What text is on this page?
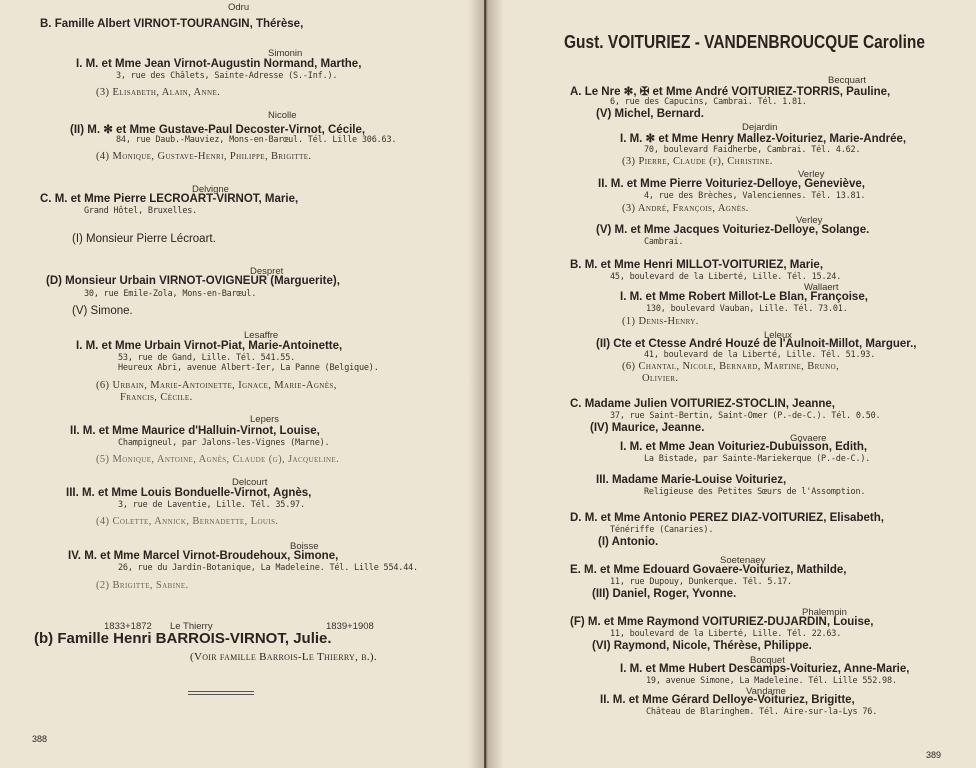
Odru
B. Famille Albert VIRNOT-TOURANGIN, Thérèse,
Simonin
I. M. et Mme Jean Virnot-Augustin Normand, Marthe,
3, rue des Châlets, Sainte-Adresse (S.-Inf.).
(3) Elisabeth, Alain, Anne.
Nicolle
(II) M. ✻ et Mme Gustave-Paul Decoster-Virnot, Cécile,
84, rue Daub.-Mauviez, Mons-en-Barœul. Tél. Lille 306.63.
(4) Monique, Gustave-Henri, Philippe, Brigitte.
Delvigne
C. M. et Mme Pierre LECROART-VIRNOT, Marie,
Grand Hôtel, Bruxelles.
(I) Monsieur Pierre Lécroart.
Despret
(D) Monsieur Urbain VIRNOT-OVIGNEUR (Marguerite),
30, rue Emile-Zola, Mons-en-Barœul.
(V) Simone.
Lesaffre
I. M. et Mme Urbain Virnot-Piat, Marie-Antoinette,
53, rue de Gand, Lille. Tél. 541.55.
Heureux Abri, avenue Albert-Ier, La Panne (Belgique).
(6) Urbain, Marie-Antoinette, Ignace, Marie-Agnès,
Francis, Cécile.
Lepers
II. M. et Mme Maurice d'Halluin-Virnot, Louise,
Champigneul, par Jalons-les-Vignes (Marne).
(5) Monique, Antoine, Agnès, Claude (g), Jacqueline.
Delcourt
III. M. et Mme Louis Bonduelle-Virnot, Agnès,
3, rue de Laventie, Lille. Tél. 35.97.
(4) Colette, Annick, Bernadette, Louis.
Boisse
IV. M. et Mme Marcel Virnot-Broudehoux, Simone,
26, rue du Jardin-Botanique, La Madeleine. Tél. Lille 554.44.
(2) Brigitte, Sabine.
1833+1872 Le Thierry	1839+1908
(b) Famille Henri BARROIS-VIRNOT, Julie.
(Voir famille Barrois-Le Thierry, b.).
388
Gust. VOITURIEZ - VANDENBROUCQUE Caroline
Becquart
A. Le Nre ✻, ✠ et Mme André VOITURIEZ-TORRIS, Pauline,
6, rue des Capucins, Cambrai. Tél. 1.81.
(V) Michel, Bernard.
Dejardin
I. M. ✻ et Mme Henry Mallez-Voituriez, Marie-Andrée,
70, boulevard Faidherbe, Cambrai. Tél. 4.62.
(3) Pierre, Claude (f), Christine.
Verley
II. M. et Mme Pierre Voituriez-Delloye, Geneviève,
4, rue des Brèches, Valenciennes. Tél. 13.81.
(3) André, François, Agnès.
Verley
(V) M. et Mme Jacques Voituriez-Delloye, Solange.
Cambrai.
B. M. et Mme Henri MILLOT-VOITURIEZ, Marie,
45, boulevard de la Liberté, Lille. Tél. 15.24.
Wallaert
I. M. et Mme Robert Millot-Le Blan, Françoise,
130, boulevard Vauban, Lille. Tél. 73.01.
(1) Denis-Henry.
Leleux
(II) Cte et Ctesse André Houzé de l'Aulnoit-Millot, Marguer.,
41, boulevard de la Liberté, Lille. Tél. 51.93.
(6) Chantal, Nicole, Bernard, Martine, Bruno,
Olivier.
C. Madame Julien VOITURIEZ-STOCLIN, Jeanne,
37, rue Saint-Bertin, Saint-Omer (P.-de-C.). Tél. 0.50.
(IV) Maurice, Jeanne.
Govaere
I. M. et Mme Jean Voituriez-Dubuisson, Edith,
La Bistade, par Sainte-Mariekerque (P.-de-C.).
III. Madame Marie-Louise Voituriez,
Religieuse des Petites Sœurs de l'Assomption.
D. M. et Mme Antonio PEREZ DIAZ-VOITURIEZ, Elisabeth,
Ténériffe (Canaries).
(I) Antonio.
Soetenaey
E. M. et Mme Edouard Govaere-Voituriez, Mathilde,
11, rue Dupouy, Dunkerque. Tél. 5.17.
(III) Daniel, Roger, Yvonne.
Phalempin
(F) M. et Mme Raymond VOITURIEZ-DUJARDIN, Louise,
11, boulevard de la Liberté, Lille. Tél. 22.63.
(VI) Raymond, Nicole, Thérèse, Philippe.
Bocquet
I. M. et Mme Hubert Descamps-Voituriez, Anne-Marie,
19, avenue Simone, La Madeleine. Tél. Lille 552.98.
Vandame
II. M. et Mme Gérard Delloye-Voituriez, Brigitte,
Château de Blaringhem. Tél. Aire-sur-la-Lys 76.
389
